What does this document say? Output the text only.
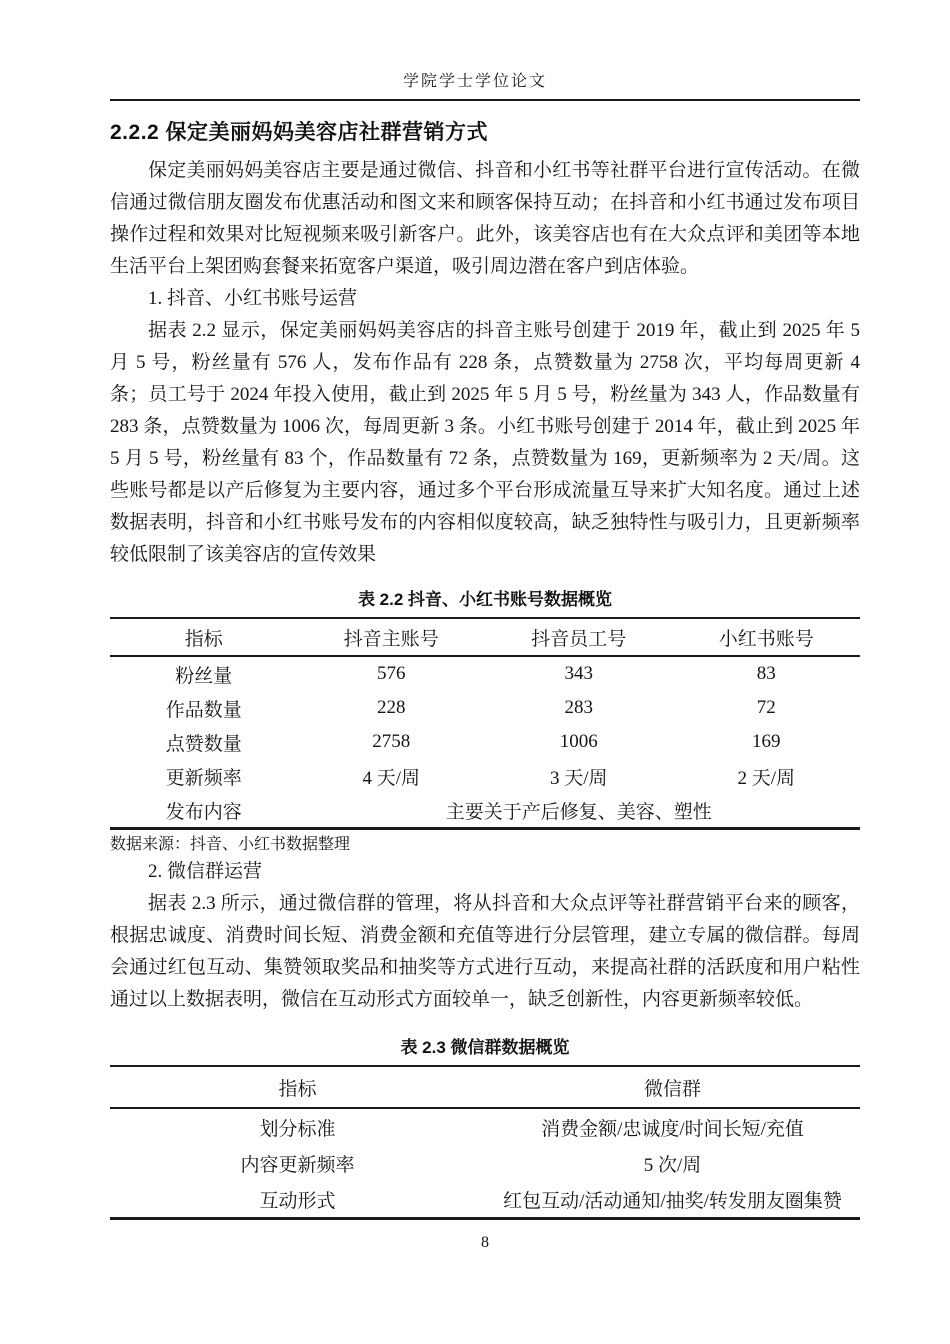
学院学士学位论文
2.2.2 保定美丽妈妈美容店社群营销方式

保定美丽妈妈美容店主要是通过微信、抖音和小红书等社群平台进行宣传活动。在微信通过微信朋友圈发布优惠活动和图文来和顾客保持互动；在抖音和小红书通过发布项目操作过程和效果对比短视频来吸引新客户。此外，该美容店也有在大众点评和美团等本地生活平台上架团购套餐来拓宽客户渠道，吸引周边潜在客户到店体验。

1. 抖音、小红书账号运营

据表 2.2 显示，保定美丽妈妈美容店的抖音主账号创建于 2019 年，截止到 2025 年 5 月 5 号，粉丝量有 576 人，发布作品有 228 条，点赞数量为 2758 次，平均每周更新 4 条；员工号于 2024 年投入使用，截止到 2025 年 5 月 5 号，粉丝量为 343 人，作品数量有 283 条，点赞数量为 1006 次，每周更新 3 条。小红书账号创建于 2014 年，截止到 2025 年 5 月 5 号，粉丝量有 83 个，作品数量有 72 条，点赞数量为 169，更新频率为 2 天/周。这些账号都是以产后修复为主要内容，通过多个平台形成流量互导来扩大知名度。通过上述数据表明，抖音和小红书账号发布的内容相似度较高，缺乏独特性与吸引力，且更新频率较低限制了该美容店的宣传效果

表 2.2 抖音、小红书账号数据概览
指标	抖音主账号	抖音员工号	小红书账号
粉丝量	576	343	83
作品数量	228	283	72
点赞数量	2758	1006	169
更新频率	4 天/周	3 天/周	2 天/周
发布内容	主要关于产后修复、美容、塑性		
数据来源：抖音、小红书数据整理

2. 微信群运营

据表 2.3 所示，通过微信群的管理，将从抖音和大众点评等社群营销平台来的顾客，根据忠诚度、消费时间长短、消费金额和充值等进行分层管理，建立专属的微信群。每周会通过红包互动、集赞领取奖品和抽奖等方式进行互动，来提高社群的活跃度和用户粘性通过以上数据表明，微信在互动形式方面较单一，缺乏创新性，内容更新频率较低。

表 2.3 微信群数据概览
指标	微信群
划分标准	消费金额/忠诚度/时间长短/充值
内容更新频率	5 次/周
互动形式	红包互动/活动通知/抽奖/转发朋友圈集赞
8
